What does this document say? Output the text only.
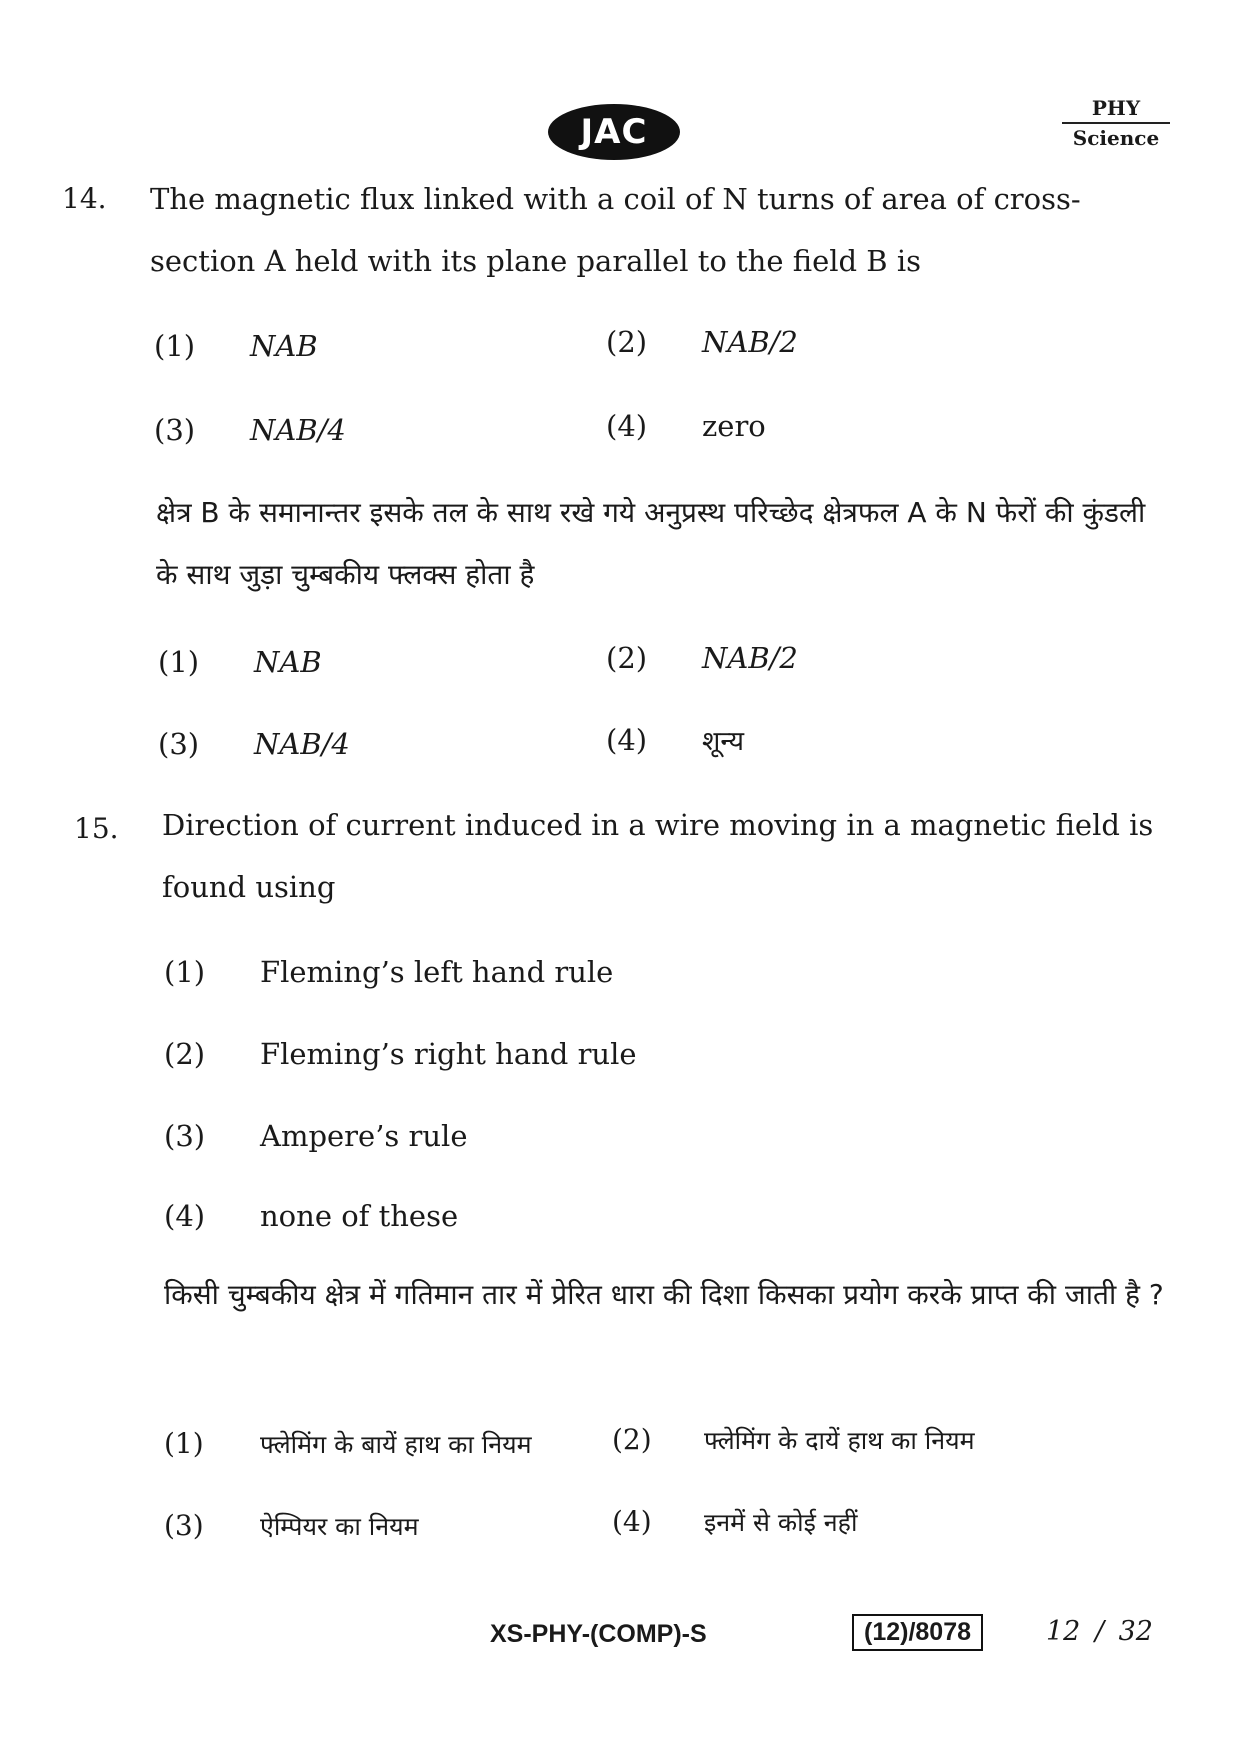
JAC
PHY
Science
14. The magnetic flux linked with a coil of N turns of area of cross-section A held with its plane parallel to the field B is
(1) NAB	(2) NAB/2
(3) NAB/4	(4) zero
क्षेत्र B के समानान्तर इसके तल के साथ रखे गये अनुप्रस्थ परिच्छेद क्षेत्रफल A के N फेरों की कुंडली के साथ जुड़ा चुम्बकीय फ्लक्स होता है
(1) NAB	(2) NAB/2
(3) NAB/4	(4) शून्य
15. Direction of current induced in a wire moving in a magnetic field is found using
(1) Fleming’s left hand rule
(2) Fleming’s right hand rule
(3) Ampere’s rule
(4) none of these
किसी चुम्बकीय क्षेत्र में गतिमान तार में प्रेरित धारा की दिशा किसका प्रयोग करके प्राप्त की जाती है ?
(1) फ्लेमिंग के बायें हाथ का नियम	(2) फ्लेमिंग के दायें हाथ का नियम
(3) ऐम्पियर का नियम	(4) इनमें से कोई नहीं
XS-PHY-(COMP)-S	(12)/8078	12 / 32
